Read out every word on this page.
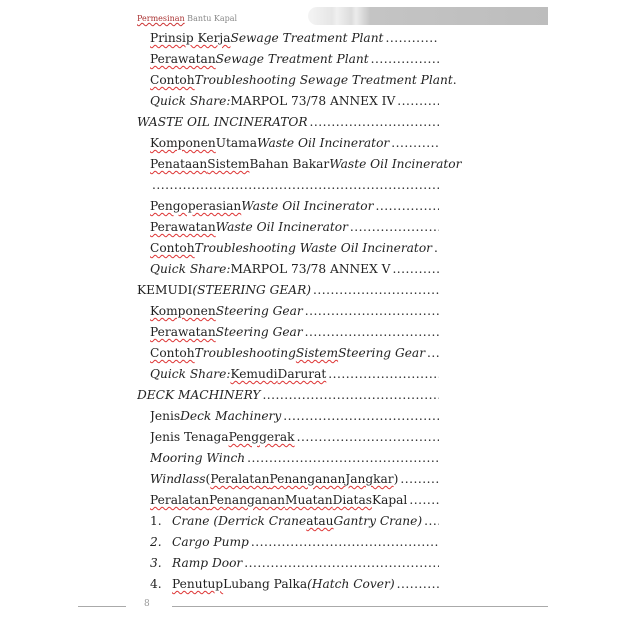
Permesinan Bantu Kapal
Prinsip Kerja Sewage Treatment Plant
.....
Perawatan Sewage Treatment Plant
.....
Contoh Troubleshooting Sewage Treatment Plant .
Quick Share: MARPOL 73/78 ANNEX IV
.....
WASTE OIL INCINERATOR
.....
Komponen Utama Waste Oil Incinerator
.....
Penataan Sistem Bahan Bakar Waste Oil Incinerator
.....
Pengoperasian Waste Oil Incinerator
.....
Perawatan Waste Oil Incinerator
.....
Contoh Troubleshooting Waste Oil Incinerator
.....
Quick Share: MARPOL 73/78 ANNEX V
.....
KEMUDI (STEERING GEAR)
.....
Komponen Steering Gear
.....
Perawatan Steering Gear
.....
Contoh Troubleshooting Sistem Steering Gear
.....
Quick Share: Kemudi Darurat
.....
DECK MACHINERY
.....
Jenis Deck Machinery
.....
Jenis Tenaga Penggerak
.....
Mooring Winch
.....
Windlass ( Peralatan Penanganan Jangkar )
.....
Peralatan Penanganan Muatan Diatas Kapal
.....
1. Crane (Derrick Crane atau Gantry Crane)
.....
2. Cargo Pump
.....
3. Ramp Door
.....
4. Penutup Lubang Palka (Hatch Cover)
.....
8
